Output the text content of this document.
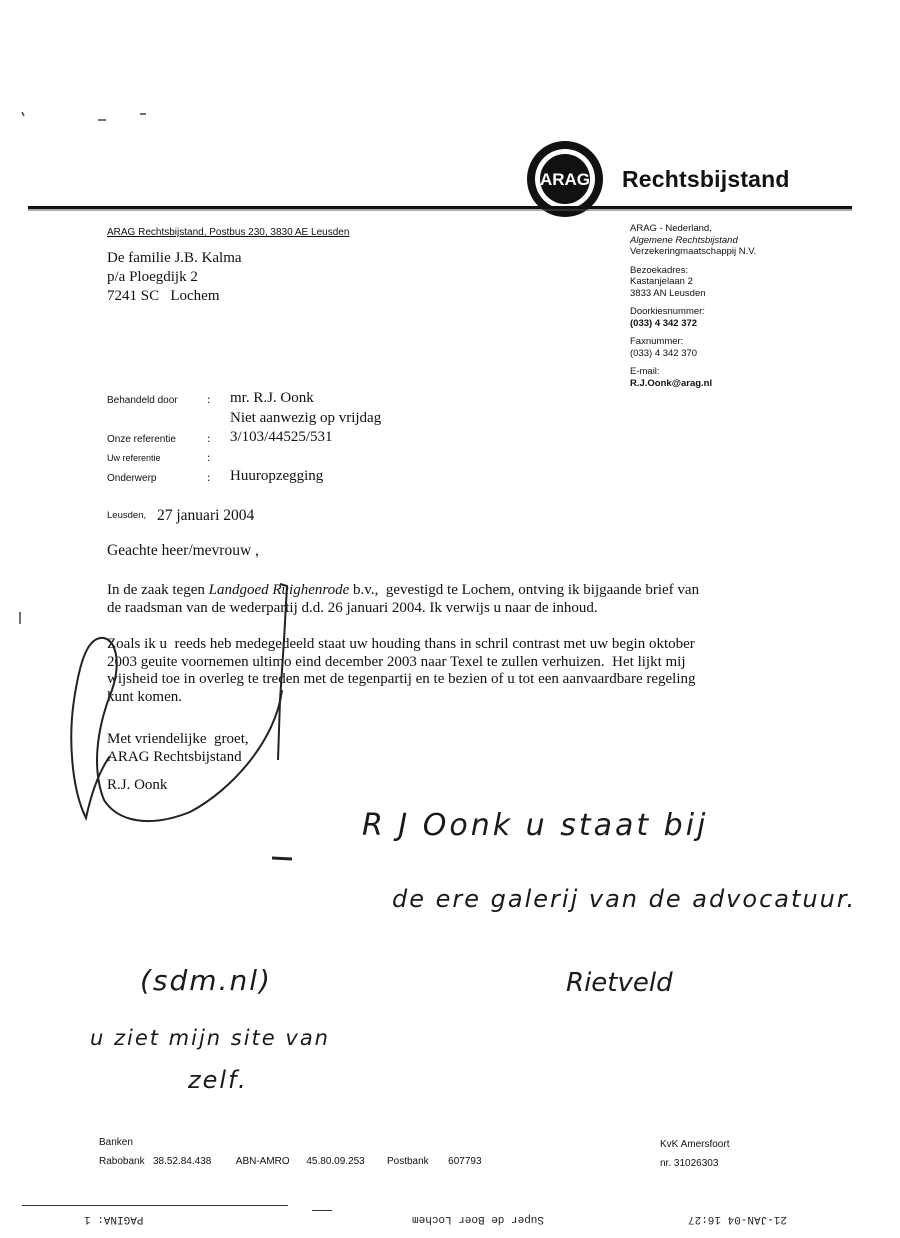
ARAG Rechtsbijstand
ARAG Rechtsbijstand, Postbus 230, 3830 AE Leusden
De familie J.B. Kalma
p/a Ploegdijk 2
7241 SC   Lochem
ARAG - Nederland,
Algemene Rechtsbijstand
Verzekeringmaatschappij N.V.
Bezoekadres:
Kastanjelaan 2
3833 AN Leusden
Doorkiesnummer:
(033) 4 342 372
Faxnummer:
(033) 4 342 370
E-mail:
R.J.Oonk@arag.nl
Behandeld door : mr. R.J. Oonk
Niet aanwezig op vrijdag
Onze referentie	: 3/103/44525/531
Uw referentie	:
Onderwerp	: Huuropzegging
Leusden, 27 januari 2004
Geachte heer/mevrouw ,
In de zaak tegen Landgoed Ruighenrode b.v.,  gevestigd te Lochem, ontving ik bijgaande brief van
de raadsman van de wederpartij d.d. 26 januari 2004. Ik verwijs u naar de inhoud.
Zoals ik u  reeds heb medegedeeld staat uw houding thans in schril contrast met uw begin oktober
2003 geuite voornemen ultimo eind december 2003 naar Texel te zullen verhuizen.  Het lijkt mij
wijsheid toe in overleg te treden met de tegenpartij en te bezien of u tot een aanvaardbare regeling
kunt komen.
Met vriendelijke  groet,
ARAG Rechtsbijstand
R.J. Oonk
R J Oonk u staat bij
de ere galerij van de advocatuur.
(sdm.nl)	Rietveld
u ziet mijn site van
zelf.
Banken
Rabobank 38.52.84.438 ABN-AMRO 45.80.09.253 Postbank 607793
KvK Amersfoort
nr. 31026303
PAGINA: 1	Super de Boer Lochem	21-JAN-04 16:27
